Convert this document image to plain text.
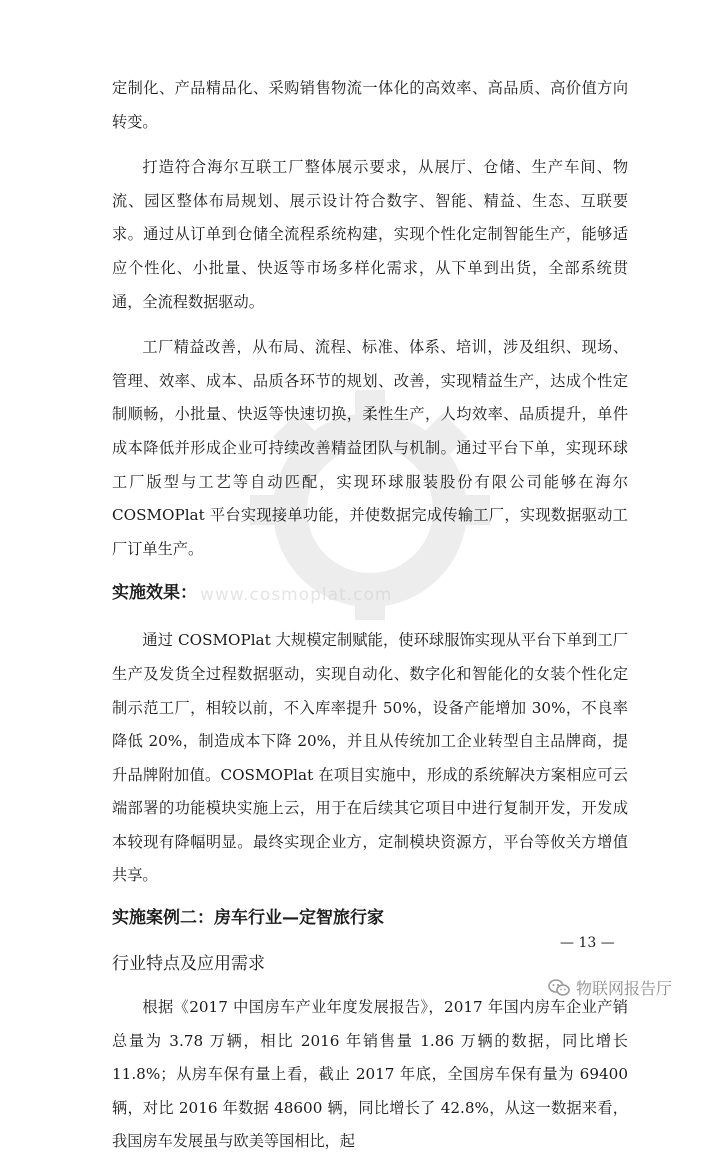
www.cosmoplat.com

定制化、产品精品化、采购销售物流一体化的高效率、高品质、高价值方向转变。

打造符合海尔互联工厂整体展示要求，从展厅、仓储、生产车间、物流、园区整体布局规划、展示设计符合数字、智能、精益、生态、互联要求。通过从订单到仓储全流程系统构建，实现个性化定制智能生产，能够适应个性化、小批量、快返等市场多样化需求，从下单到出货，全部系统贯通，全流程数据驱动。

工厂精益改善，从布局、流程、标准、体系、培训，涉及组织、现场、管理、效率、成本、品质各环节的规划、改善，实现精益生产，达成个性定制顺畅，小批量、快返等快速切换，柔性生产，人均效率、品质提升，单件成本降低并形成企业可持续改善精益团队与机制。通过平台下单，实现环球工厂版型与工艺等自动匹配，实现环球服装股份有限公司能够在海尔 COSMOPlat 平台实现接单功能，并使数据完成传输工厂，实现数据驱动工厂订单生产。

实施效果：

通过 COSMOPlat 大规模定制赋能，使环球服饰实现从平台下单到工厂生产及发货全过程数据驱动，实现自动化、数字化和智能化的女装个性化定制示范工厂，相较以前，不入库率提升 50%，设备产能增加 30%，不良率降低 20%，制造成本下降 20%，并且从传统加工企业转型自主品牌商，提升品牌附加值。COSMOPlat 在项目实施中，形成的系统解决方案相应可云端部署的功能模块实施上云，用于在后续其它项目中进行复制开发，开发成本较现有降幅明显。最终实现企业方，定制模块资源方，平台等攸关方增值共享。

实施案例二：房车行业—定智旅行家
行业特点及应用需求

根据《2017 中国房车产业年度发展报告》，2017 年国内房车企业产销总量为 3.78 万辆，相比 2016 年销售量 1.86 万辆的数据，同比增长 11.8%；从房车保有量上看，截止 2017 年底，全国房车保有量为 69400 辆，对比 2016 年数据 48600 辆，同比增长了 42.8%，从这一数据来看，我国房车发展虽与欧美等国相比，起

— 13 —
物联网报告厅
